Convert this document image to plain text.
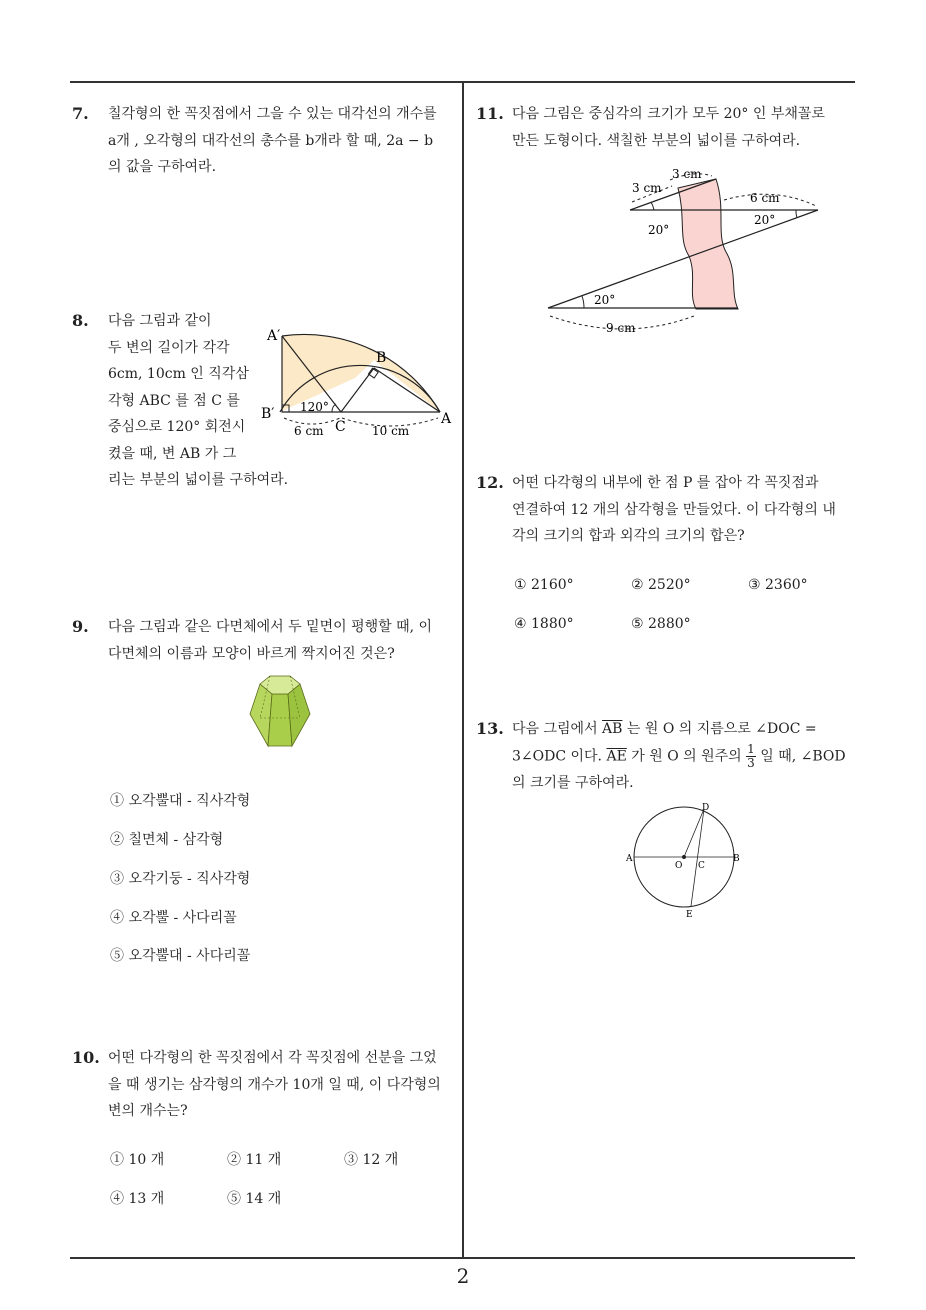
7. 칠각형의 한 꼭짓점에서 그을 수 있는 대각선의 개수를

a개 , 오각형의 대각선의 총수를 b개라 할 때, 2a − b

의 값을 구하여라.

8. 다음 그림과 같이

두 변의 길이가 각각

6cm, 10cm 인 직각삼

각형 ABC 를 점 C 를

중심으로 120° 회전시

켰을 때, 변 AB 가 그

리는 부분의 넓이를 구하여라.

A′
B
B′
C	A
120°
6 cm	10 cm
9. 다음 그림과 같은 다면체에서 두 밑면이 평행할 때, 이

다면체의 이름과 모양이 바르게 짝지어진 것은?

① 오각뿔대 - 직사각형
② 칠면체 - 삼각형
③ 오각기둥 - 직사각형
④ 오각뿔 - 사다리꼴
⑤ 오각뿔대 - 사다리꼴
10. 어떤 다각형의 한 꼭짓점에서 각 꼭짓점에 선분을 그었

을 때 생기는 삼각형의 개수가 10개 일 때, 이 다각형의

변의 개수는?

① 10 개	② 11 개	③ 12 개
④ 13 개	⑤ 14 개
11. 다음 그림은 중심각의 크기가 모두 20° 인 부채꼴로

만든 도형이다. 색칠한 부분의 넓이를 구하여라.

3 cm
3 cm
6 cm
20°
20°
20°
9 cm
12. 어떤 다각형의 내부에 한 점 P 를 잡아 각 꼭짓점과

연결하여 12 개의 삼각형을 만들었다. 이 다각형의 내

각의 크기의 합과 외각의 크기의 합은?

① 2160°	② 2520°	③ 2360°
④ 1880°	⑤ 2880°
13. 다음 그림에서 $\overline{AB}$ 는 원 O 의 지름으로 ∠DOC =

3∠ODC 이다. $\overline{AE}$ 가 원 O 의 원주의 $\frac{1}{3}$ 일 때, ∠BOD

의 크기를 구하여라.

D
A
O C
B
E
2
